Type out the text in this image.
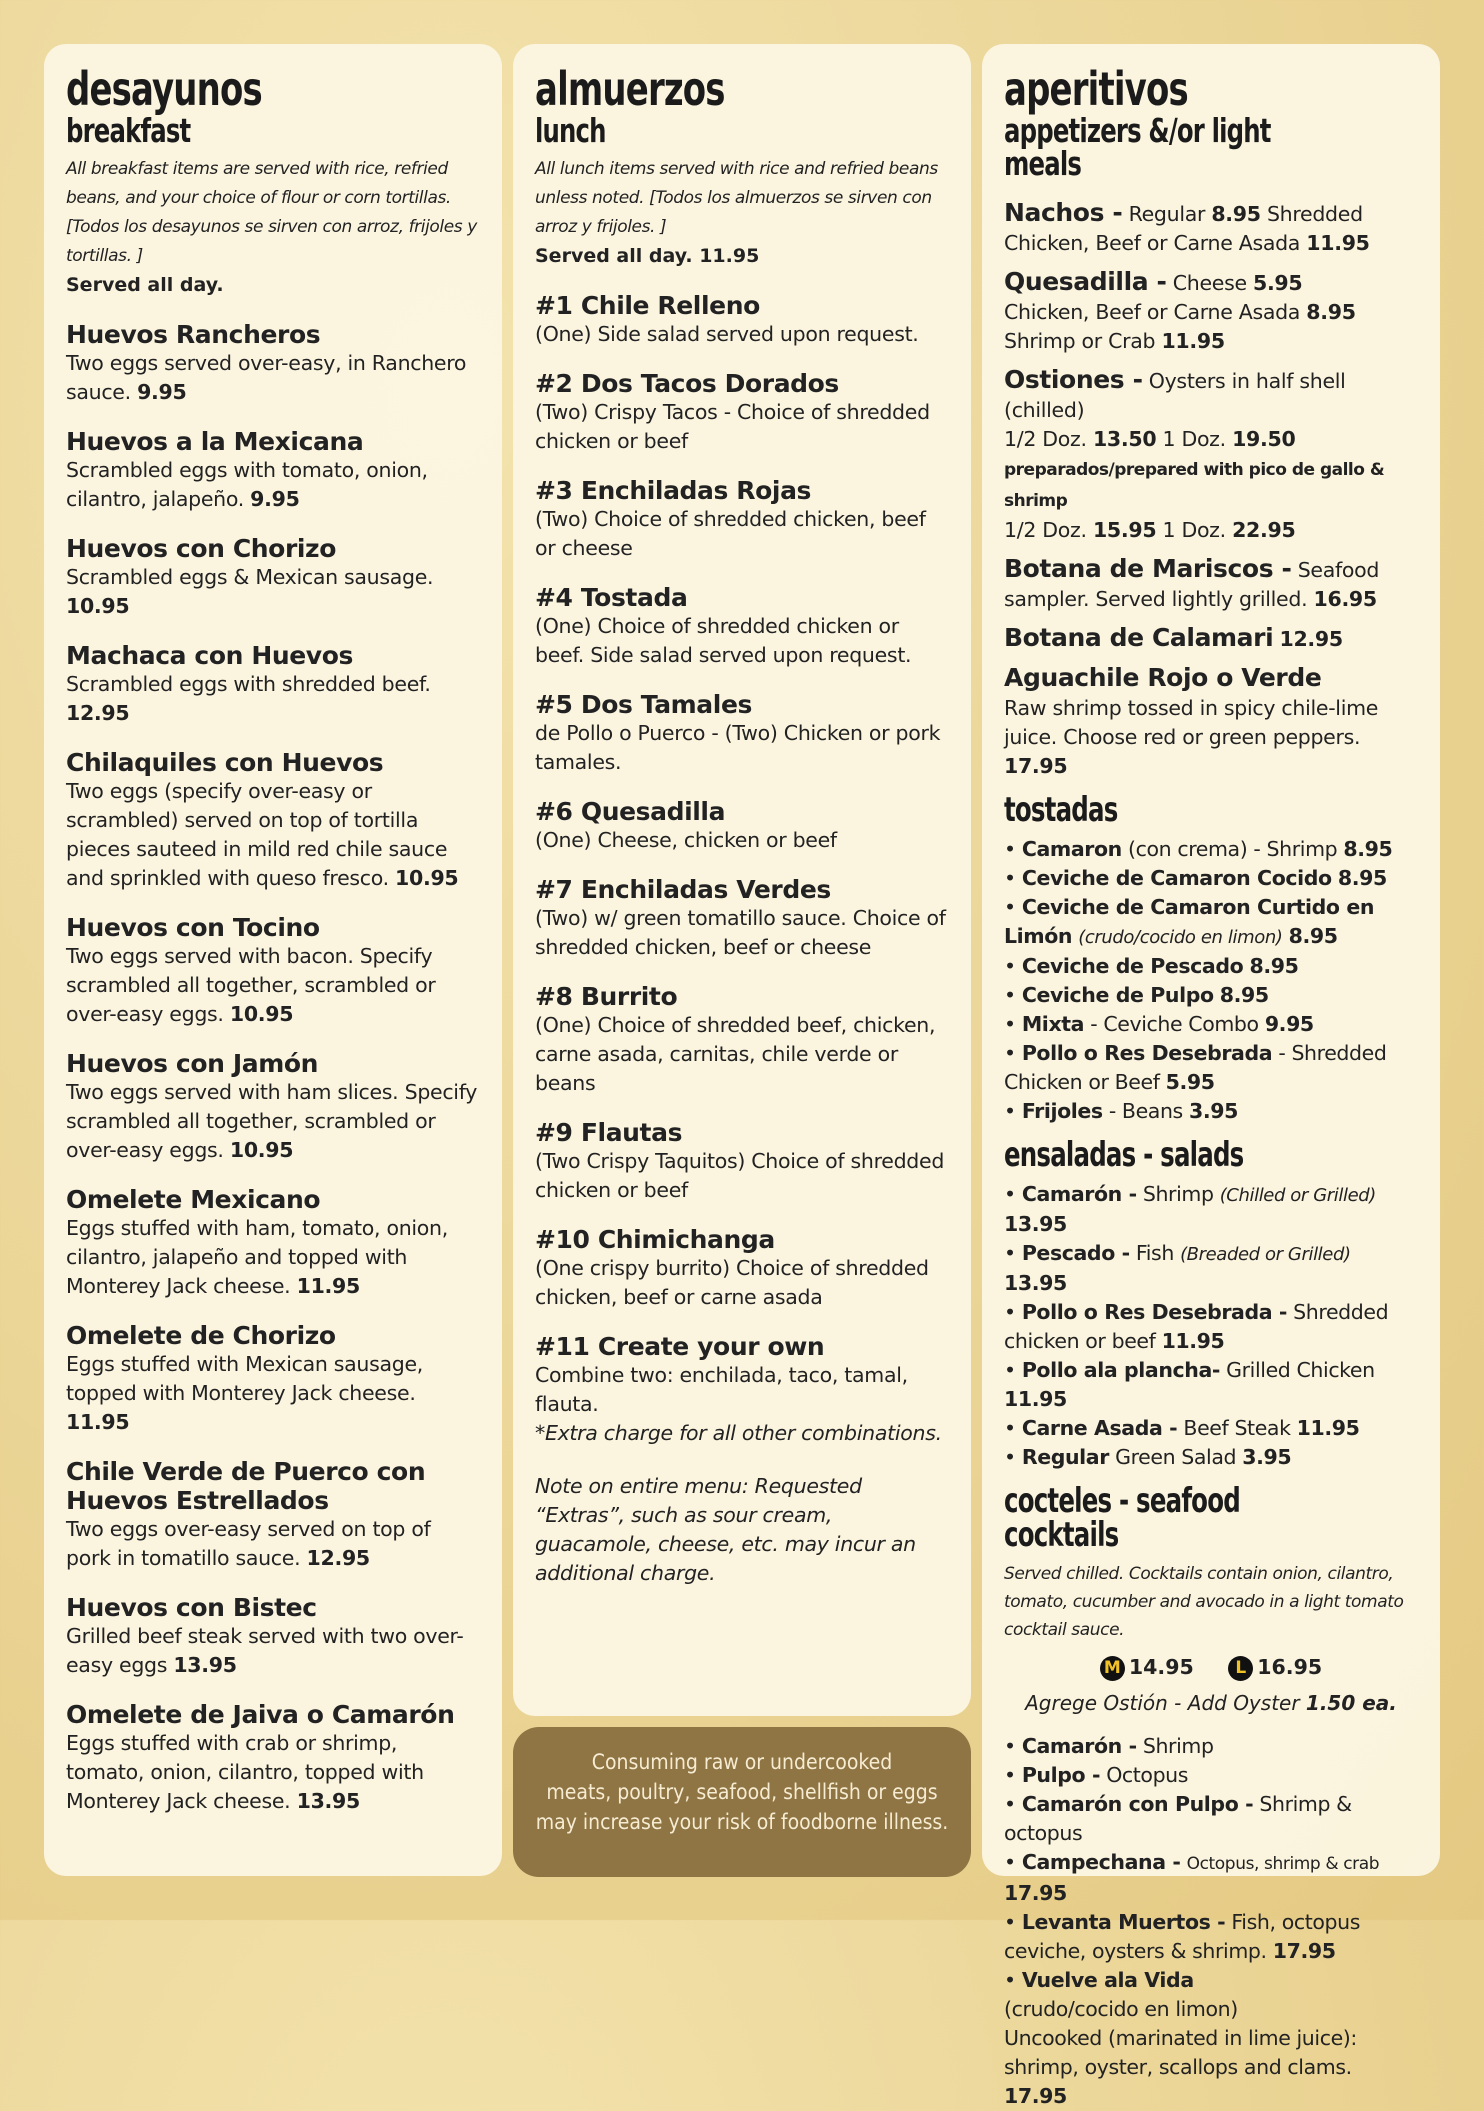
desayunos
breakfast
All breakfast items are served with rice, refried beans, and your choice of flour or corn tortillas.[Todos los desayunos se sirven con arroz, frijoles y tortillas. ]
Served all day.
Huevos Rancheros
Two eggs served over-easy, in Ranchero sauce. 9.95
Huevos a la Mexicana
Scrambled eggs with tomato, onion, cilantro, jalapeño. 9.95
Huevos con Chorizo
Scrambled eggs & Mexican sausage. 10.95
Machaca con Huevos
Scrambled eggs with shredded beef. 12.95
Chilaquiles con Huevos
Two eggs (specify over-easy or scrambled) served on top of tortilla pieces sauteed in mild red chile sauce and sprinkled with queso fresco. 10.95
Huevos con Tocino
Two eggs served with bacon. Specify scrambled all together, scrambled or over-easy eggs. 10.95
Huevos con Jamón
Two eggs served with ham slices. Specify scrambled all together, scrambled or over-easy eggs. 10.95
Omelete Mexicano
Eggs stuffed with ham, tomato, onion, cilantro, jalapeño and topped with Monterey Jack cheese. 11.95
Omelete de Chorizo
Eggs stuffed with Mexican sausage, topped with Monterey Jack cheese. 11.95
Chile Verde de Puerco con Huevos Estrellados
Two eggs over-easy served on top of pork in tomatillo sauce. 12.95
Huevos con Bistec
Grilled beef steak served with two over-easy eggs 13.95
Omelete de Jaiva o Camarón
Eggs stuffed with crab or shrimp, tomato, onion, cilantro, topped with Monterey Jack cheese. 13.95
almuerzos
lunch
All lunch items served with rice and refried beans unless noted. [Todos los almuerzos se sirven con arroz y frijoles. ]
Served all day. 11.95
#1 Chile Relleno
(One) Side salad served upon request.
#2 Dos Tacos Dorados
(Two) Crispy Tacos - Choice of shredded chicken or beef
#3 Enchiladas Rojas
(Two) Choice of shredded chicken, beef or cheese
#4 Tostada
(One) Choice of shredded chicken or beef. Side salad served upon request.
#5 Dos Tamales
de Pollo o Puerco - (Two) Chicken or pork tamales.
#6 Quesadilla
(One) Cheese, chicken or beef
#7 Enchiladas Verdes
(Two) w/ green tomatillo sauce. Choice of shredded chicken, beef or cheese
#8 Burrito
(One) Choice of shredded beef, chicken, carne asada, carnitas, chile verde or beans
#9 Flautas
(Two Crispy Taquitos) Choice of shredded chicken or beef
#10 Chimichanga
(One crispy burrito) Choice of shredded chicken, beef or carne asada
#11 Create your own
Combine two: enchilada, taco, tamal, flauta.
*Extra charge for all other combinations.
Note on entire menu: Requested “Extras”, such as sour cream, guacamole, cheese, etc. may incur an additional charge.
Consuming raw or undercooked
meats, poultry, seafood, shellfish or eggs
may increase your risk of foodborne illness.
aperitivos
appetizers &/or light meals
Nachos - Regular 8.95 Shredded Chicken, Beef or Carne Asada 11.95
Quesadilla - Cheese 5.95
Chicken, Beef or Carne Asada 8.95
Shrimp or Crab 11.95
Ostiones - Oysters in half shell (chilled)
1/2 Doz. 13.50 1 Doz. 19.50
preparados/prepared with pico de gallo & shrimp
1/2 Doz. 15.95 1 Doz. 22.95
Botana de Mariscos - Seafood sampler. Served lightly grilled. 16.95
Botana de Calamari 12.95
Aguachile Rojo o Verde
Raw shrimp tossed in spicy chile-lime juice. Choose red or green peppers. 17.95
tostadas
• Camaron (con crema) - Shrimp 8.95
• Ceviche de Camaron Cocido 8.95
• Ceviche de Camaron Curtido en Limón (crudo/cocido en limon) 8.95
• Ceviche de Pescado 8.95
• Ceviche de Pulpo 8.95
• Mixta - Ceviche Combo 9.95
• Pollo o Res Desebrada - Shredded Chicken or Beef 5.95
• Frijoles - Beans 3.95
ensaladas - salads
• Camarón - Shrimp (Chilled or Grilled) 13.95
• Pescado - Fish (Breaded or Grilled) 13.95
• Pollo o Res Desebrada - Shredded chicken or beef 11.95
• Pollo ala plancha- Grilled Chicken 11.95
• Carne Asada - Beef Steak 11.95
• Regular Green Salad 3.95
cocteles - seafood cocktails
Served chilled. Cocktails contain onion, cilantro, tomato, cucumber and avocado in a light tomato cocktail sauce.
M 14.95 L 16.95
Agrege Ostión - Add Oyster 1.50 ea.
• Camarón - Shrimp
• Pulpo - Octopus
• Camarón con Pulpo - Shrimp & octopus
• Campechana - Octopus, shrimp & crab 17.95
• Levanta Muertos - Fish, octopus ceviche, oysters & shrimp. 17.95
• Vuelve ala Vida
(crudo/cocido en limon)
Uncooked (marinated in lime juice): shrimp, oyster, scallops and clams. 17.95
